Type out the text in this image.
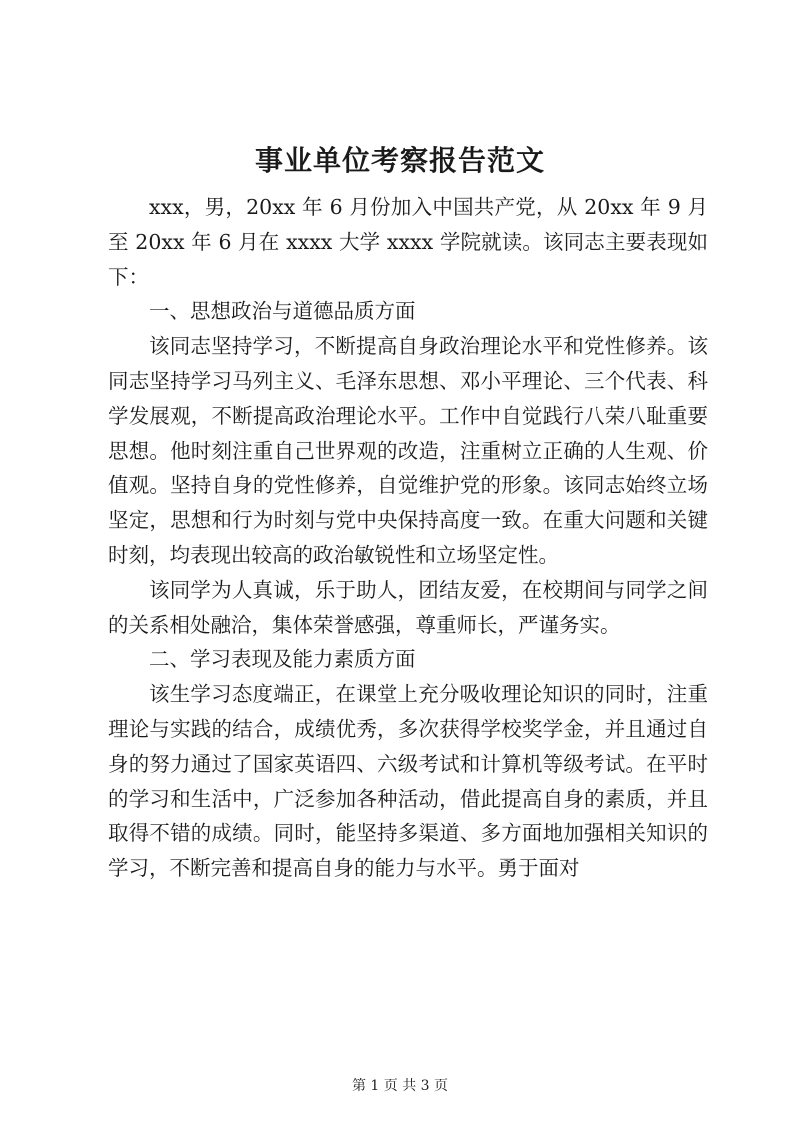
事业单位考察报告范文

xxx，男，20xx 年 6 月份加入中国共产党，从 20xx 年 9 月至 20xx 年 6 月在 xxxx 大学 xxxx 学院就读。该同志主要表现如下：

一、思想政治与道德品质方面

该同志坚持学习，不断提高自身政治理论水平和党性修养。该同志坚持学习马列主义、毛泽东思想、邓小平理论、三个代表、科学发展观，不断提高政治理论水平。工作中自觉践行八荣八耻重要思想。他时刻注重自己世界观的改造，注重树立正确的人生观、价值观。坚持自身的党性修养，自觉维护党的形象。该同志始终立场坚定，思想和行为时刻与党中央保持高度一致。在重大问题和关键时刻，均表现出较高的政治敏锐性和立场坚定性。

该同学为人真诚，乐于助人，团结友爱，在校期间与同学之间的关系相处融洽，集体荣誉感强，尊重师长，严谨务实。

二、学习表现及能力素质方面

该生学习态度端正，在课堂上充分吸收理论知识的同时，注重理论与实践的结合，成绩优秀，多次获得学校奖学金，并且通过自身的努力通过了国家英语四、六级考试和计算机等级考试。在平时的学习和生活中，广泛参加各种活动，借此提高自身的素质，并且取得不错的成绩。同时，能坚持多渠道、多方面地加强相关知识的学习，不断完善和提高自身的能力与水平。勇于面对

第 1 页 共 3 页
